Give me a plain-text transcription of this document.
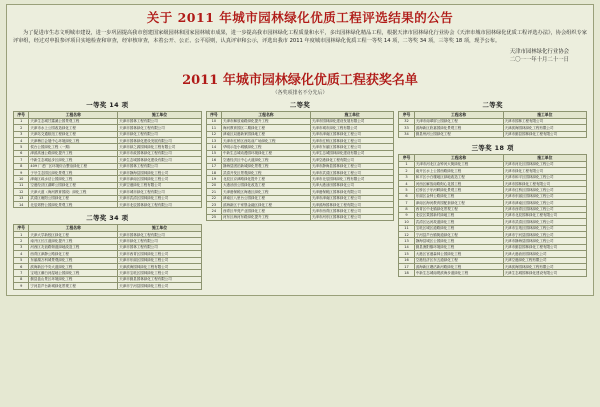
关于 2011 年城市园林绿化优质工程评选结果的公告
为了促进市生态文明城市建设，进一步巩固提高我市创建国家级园林和园家园林城市成果，进一步提高我市园林绿化工程质量和水平，多出园林绿化精品工程，根据天津市园林绿化行业协会《天津市城市园林绿化优质工程评选办法》，协会组织专家评审组，经过对申报参评项目实地检查和审查，经审核审查，本着公开、公正、公平原则，认真评审和公示，评选出我市 2011 年度城市园林绿化优质工程一等奖 14 项，二等奖 34 项，三等奖 18 项，现予公布。
天津市园林绿化行业协会
二〇一一年十月二十一日
2011 年城市园林绿化优质工程获奖名单
（各奖项排名不分先后）
一等奖 14 项
序号	工程名称	施工单位
1	天津生态城甘露溪公园景观工程	天津市园林工程有限公司
2	天津市水上公园改造绿化工程	天津市园林绿化工程有限公司
3	天津站交通枢纽工程绿化工程	天津市绿化工程有限公司
4	天津梅江会展中心环境绿化工程	天津市园林绿化建设发展有限公司
5	侯台公园绿化工程（一期）	天津市绿之源园林绿化工程有限公司
6	津滨高速公路绿化提升工程	天津市市政园林绿化工程有限公司
7	中新生态城起步区绿化工程	天津生态城园林绿化建设有限公司
8	409 厂老厂区环境综合整治绿化工程	天津市园林工程有限公司
9	子牙生态园区绿化景观工程	天津市静海县园林绿化工程公司
10	津南区咸水沽公园绿化工程	天津市津南区园林绿化工程公司
11	空港经济区湖畔公园绿化工程	天津空港绿化工程有限公司
12	天津大道（海河教育园段）绿化工程	天津市城市绿化工程有限公司
13	武清区雍阳公园绿化工程	天津市武清区园林绿化工程公司
14	北辰郊野公园绿化景观工程	天津市北辰园林绿化工程有限公司
二等奖 34 项
序号	工程名称	施工单位
1	天津大学新校区绿化工程	天津市园林绿化工程有限公司
2	南开区长江道绿化提升工程	天津市绿化工程有限公司
3	河西区友谊路街道绿地改造工程	天津市园林工程有限公司
4	西青区津静公路绿化工程	天津市西青区园林绿化工程公司
5	东丽湖万科城景观绿化工程	天津市东丽区园林绿化工程公司
6	滨海新区中央大道绿化工程	天津滨海园林绿化工程有限公司
7	宝坻区潮白河湿地公园绿化工程	天津市宝坻区园林绿化工程公司
8	蓟县盘山景区环境绿化工程	天津市蓟县园林绿化工程有限公司
9	宁河县芦台新城绿化景观工程	天津市宁河县园林绿化工程公司
二等奖
序号	工程名称	施工单位
10	天津市解放南路绿化提升工程	天津市园林绿化建设发展有限公司
11	海河教育园区二期绿化工程	天津市城市绿化工程有限公司
12	津南区双港新家园绿地工程	天津市津南区园林绿化工程公司
13	天津市红桥区西站前广场绿化工程	天津市红桥区园林绿化工程公司
14	华明示范小城镇绿化工程	天津市东丽区园林绿化工程公司
15	中新生态城动漫园环境绿化工程	天津生态城园林绿化建设有限公司
16	空港经济区中心大道绿化工程	天津空港绿化工程有限公司
17	静海县团泊新城绿化景观工程	天津市静海县园林绿化工程公司
18	武清开发区景观绿化工程	天津市武清区园林绿化工程公司
19	北辰区京津路绿化提升工程	天津市北辰园林绿化工程有限公司
20	大港油田公园绿化改造工程	天津大港油田园林绿化公司
21	天津港保税区海港区绿化工程	天津港保税区园林绿化有限公司
22	津南区八里台公园绿化工程	天津市津南区园林绿化工程公司
23	滨海新区于家堡金融区绿化工程	天津滨海园林绿化工程有限公司
24	西青区华苑产业园绿化工程	天津市西青区园林绿化工程公司
25	河东区海河东路绿化提升工程	天津市河东区园林绿化工程公司
二等奖
序号	工程名称	施工单位
32	天津市南翠屏公园绿化工程	天津市园林工程有限公司
33	滨海新区欣嘉园绿化景观工程	天津滨海园林绿化工程有限公司
34	蓟县州河公园绿化工程	天津市蓟县园林绿化工程有限公司
三等奖 18 项
序号	工程名称	施工单位
1	天津市河北区金钟河大街绿化工程	天津市河北区园林绿化工程公司
2	南开区水上公园西路绿化工程	天津市绿化工程有限公司
3	和平区小白楼地区绿地改造工程	天津市和平区园林绿化工程公司
4	河西区解放南路街心花园工程	天津市园林绿化工程有限公司
5	红桥区子牙河畔绿化景观工程	天津市红桥区园林绿化工程公司
6	东丽区金钟公路绿化工程	天津市东丽区园林绿化工程公司
7	津南区海河教育园配套绿化工程	天津市津南区园林绿化工程公司
8	西青区中北镇绿化景观工程	天津市西青区园林绿化工程公司
9	北辰区果园新村绿地工程	天津市北辰园林绿化工程有限公司
10	武清区运河故道绿化工程	天津市武清区园林绿化工程公司
11	宝坻区城区道路绿化工程	天津市宝坻区园林绿化工程公司
12	宁河县芦台镇街道绿化工程	天津市宁河县园林绿化工程公司
13	静海县城区公园绿化工程	天津市静海县园林绿化工程公司
14	蓟县渔阳镇环境绿化工程	天津市蓟县园林绿化工程有限公司
15	大港区官港森林公园绿化工程	天津大港油田园林绿化公司
16	空港经济区东五道绿化工程	天津空港绿化工程有限公司
17	滨海新区塘沽新河路绿化工程	天津滨海园林绿化工程有限公司
18	中新生态城南堤滨海步道绿化工程	天津生态城园林绿化建设有限公司
